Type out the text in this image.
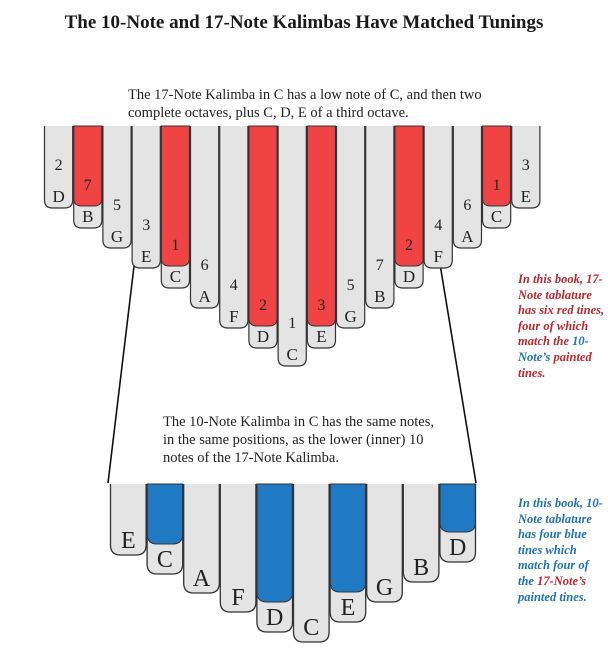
The 10-Note and 17-Note Kalimbas Have Matched Tunings
The 17-Note Kalimba in C has a low note of C, and then two complete octaves, plus C, D, E of a third octave.
D
2
B
7
G
5
E
3
C
1
A
6
F
4
D
2
C
1
E
3
G
5
B
7
D
2
F
4
A
6
C
1
E
3
E
C
A
F
D C
E
G
B
D
The 10-Note Kalimba in C has the same notes, in the same positions, as the lower (inner) 10 notes of the 17-Note Kalimba.
In this book, 17-Note tablature has six red tines, four of which match the 10-Note’s painted tines.
In this book, 10-Note tablature has four blue tines which match four of the 17-Note’s painted tines.
